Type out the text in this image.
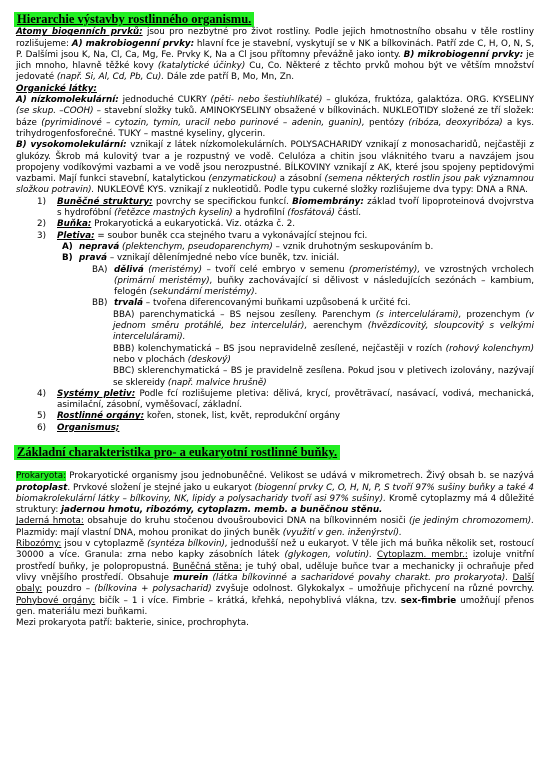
Hierarchie výstavby rostlinného organismu.
Atomy biogenních prvků: jsou pro nezbytné pro život rostliny. Podle jejich hmotnostního obsahu v těle rostliny rozlišujeme: A) makrobiogenní prvky: hlavní fce je stavební, vyskytují se v NK a bílkovinách. Patří zde C, H, O, N, S, P. Dalšími jsou K, Na, Cl, Ca, Mg, Fe. Prvky K, Na a Cl jsou přítomny převážně jako ionty. B) mikrobiogenní prvky: je jich mnoho, hlavně těžké kovy (katalytické účinky) Cu, Co. Některé z těchto prvků mohou být ve větším množství jedovaté (např. Si, Al, Cd, Pb, Cu). Dále zde patří B, Mo, Mn, Zn.
Organické látky:
A) nízkomolekulární: jednoduché CUKRY (pěti- nebo šestiuhlíkaté) – glukóza, fruktóza, galaktóza. ORG. KYSELINY (se skup. –COOH) – stavební složky tuků. AMINOKYSELINY obsažené v bílkovinách. NUKLEOTIDY složené ze tří složek: báze (pyrimidinové – cytozin, tymin, uracil nebo purinové – adenin, guanin), pentózy (ribóza, deoxyribóza) a kys. trihydrogenfosforečné. TUKY – mastné kyseliny, glycerin.
B) vysokomolekulární: vznikají z látek nízkomolekulárních. POLYSACHARIDY vznikají z monosacharidů, nejčastěji z glukózy. Škrob má kulovitý tvar a je rozpustný ve vodě. Celulóza a chitin jsou vláknitého tvaru a navzájem jsou propojeny vodíkovými vazbami a ve vodě jsou nerozpustné. BÍLKOVINY vznikají z AK, které jsou spojeny peptidovými vazbami. Mají funkci stavební, katalytickou (enzymatickou) a zásobní (semena některých rostlin jsou pak významnou složkou potravin). NUKLEOVÉ KYS. vznikají z nukleotidů. Podle typu cukerné složky rozlišujeme dva typy: DNA a RNA.
1) Buněčné struktury: povrchy se specifickou funkcí. Biomembrány: základ tvoří lipoproteinová dvojvrstva s hydrofóbní (řetězce mastných kyselin) a hydrofilní (fosfátová) částí.
2) Buňka: Prokaryotická a eukaryotická. Viz. otázka č. 2.
3) Pletiva: = soubor buněk cca stejného tvaru a vykonávající stejnou fci.
A) nepravá (plektenchym, pseudoparenchym) – vznik druhotným seskupováním b.
B) pravá – vznikají dělenímjedné nebo více buněk, tzv. iniciál.
BA) dělivá (meristémy) – tvoří celé embryo v semenu (promeristémy), ve vzrostných vrcholech (primární meristémy), buňky zachovávající si dělivost v následujících sezónách – kambium, felogén (sekundární meristémy).
BB) trvalá – tvořena diferencovanými buňkami uzpůsobená k určité fci.
BBA) parenchymatická – BS nejsou zesíleny. Parenchym (s intercelulárami), prozenchym (v jednom směru protáhlé, bez intercelulár), aerenchym (hvězdicovitý, sloupcovitý s velkými intercelulárami).
BBB) kolenchymatická – BS jsou nepravidelně zesílené, nejčastěji v rozích (rohový kolenchym) nebo v plochách (deskový)
BBC) sklerenchymatická – BS je pravidelně zesílena. Pokud jsou v pletivech izolovány, nazývají se sklereidy (např. malvice hrušně)
4) Systémy pletiv: Podle fcí rozlišujeme pletiva: dělivá, krycí, prověträvací, nasávací, vodivá, mechanická, asimilační, zásobní, vyměšovací, základní.
5) Rostlinné orgány: kořen, stonek, list, květ, reprodukční orgány
6) Organismus;
Základní charakteristika pro- a eukaryotní rostlinné buňky.
Prokaryota: Prokaryotické organismy jsou jednobuněčné. Velikost se udává v mikrometrech. Živý obsah b. se nazývá protoplast. Prvkové složení je stejné jako u eukaryot (biogenní prvky C, O, H, N, P, S tvoří 97% sušiny buňky a také 4 biomakrolekulární látky – bílkoviny, NK, lipidy a polysacharidy tvoří asi 97% sušiny). Kromě cytoplazmy má 4 důležité struktury: jadernou hmotu, ribozómy, cytoplazm. memb. a buněčnou stěnu.
Jaderná hmota: obsahuje do kruhu stočenou dvoušroubovici DNA na bílkovinném nosiči (je jediným chromozomem). Plazmidy: mají vlastní DNA, mohou pronikat do jiných buněk (využití v gen. inženýrství).
Ribozómy: jsou v cytoplazmě (syntéza bílkovin), jednodušší než u eukaryot. V těle jich má buňka několik set, rostoucí 30000 a více. Granula: zrna nebo kapky zásobních látek (glykogen, volutin). Cytoplazm. membr.: izoluje vnitřní prostředí buňky, je polopropustná. Buněčná stěna: je tuhý obal, uděluje buňce tvar a mechanicky ji ochraňuje před vlivy vnějšího prostředí. Obsahuje murein (látka bílkovinné a sacharidové povahy charakt. pro prokaryota). Další obaly: pouzdro – (bílkovina + polysacharid) zvyšuje odolnost. Glykokalyx – umožňuje přichycení na různé povrchy. Pohybové orgány: bičík – 1 i více. Fimbrie – krátká, křehká, nepohyblivá vlákna, tzv. sex-fimbrie umožňují přenos gen. materiálu mezi buňkami.
Mezi prokaryota patří: bakterie, sinice, prochrophyta.
